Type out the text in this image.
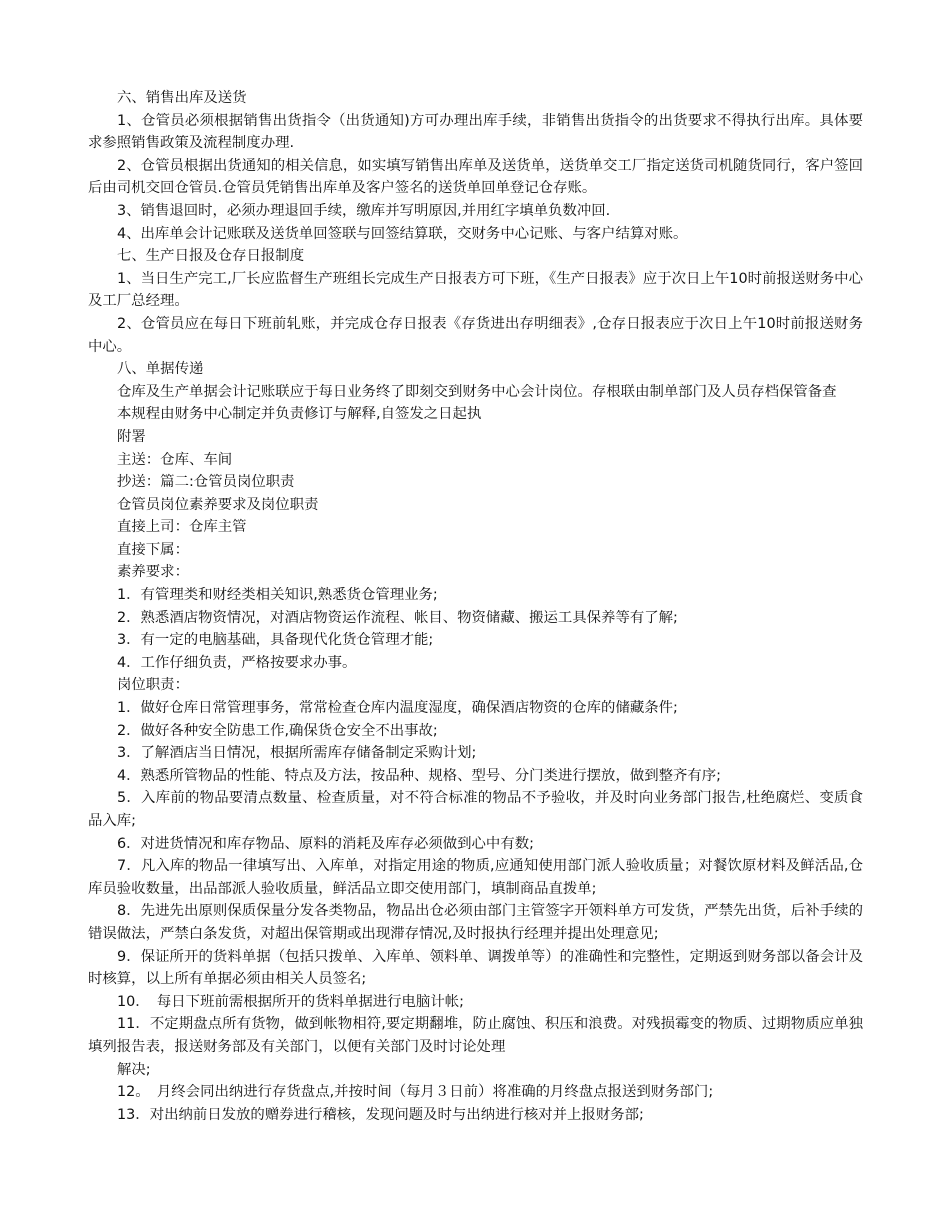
六、销售出库及送货

1、仓管员必须根据销售出货指令（出货通知)方可办理出库手续，非销售出货指令的出货要求不得执行出库。具体要求参照销售政策及流程制度办理.

2、仓管员根据出货通知的相关信息，如实填写销售出库单及送货单，送货单交工厂指定送货司机随货同行，客户签回后由司机交回仓管员.仓管员凭销售出库单及客户签名的送货单回单登记仓存账。

3、销售退回时，必须办理退回手续，缴库并写明原因,并用红字填单负数冲回.

4、出库单会计记账联及送货单回签联与回签结算联，交财务中心记账、与客户结算对账。

七、生产日报及仓存日报制度

1、当日生产完工,厂长应监督生产班组长完成生产日报表方可下班，《生产日报表》应于次日上午10时前报送财务中心及工厂总经理。

2、仓管员应在每日下班前轧账，并完成仓存日报表《存货进出存明细表》,仓存日报表应于次日上午10时前报送财务中心。

八、单据传递

仓库及生产单据会计记账联应于每日业务终了即刻交到财务中心会计岗位。存根联由制单部门及人员存档保管备查

本规程由财务中心制定并负责修订与解释,自签发之日起执

附署

主送：仓库、车间

抄送：篇二:仓管员岗位职责

仓管员岗位素养要求及岗位职责

直接上司：仓库主管

直接下属：

素养要求：

1．有管理类和财经类相关知识,熟悉货仓管理业务;

2．熟悉酒店物资情况，对酒店物资运作流程、帐目、物资储藏、搬运工具保养等有了解;

3．有一定的电脑基础，具备现代化货仓管理才能;

4．工作仔细负责，严格按要求办事。

岗位职责：

1．做好仓库日常管理事务，常常检查仓库内温度湿度，确保酒店物资的仓库的储藏条件;

2．做好各种安全防患工作,确保货仓安全不出事故;

3．了解酒店当日情况，根据所需库存储备制定采购计划;

4．熟悉所管物品的性能、特点及方法，按品种、规格、型号、分门类进行摆放，做到整齐有序;

5．入库前的物品要清点数量、检查质量，对不符合标准的物品不予验收，并及时向业务部门报告,杜绝腐烂、变质食品入库;

6．对进货情况和库存物品、原料的消耗及库存必须做到心中有数;

7．凡入库的物品一律填写出、入库单，对指定用途的物质,应通知使用部门派人验收质量；对餐饮原材料及鲜活品,仓库员验收数量，出品部派人验收质量，鲜活品立即交使用部门，填制商品直拨单;

8．先进先出原则保质保量分发各类物品，物品出仓必须由部门主管签字开领料单方可发货，严禁先出货，后补手续的错误做法，严禁白条发货，对超出保管期或出现滞存情况,及时报执行经理并提出处理意见;

9．保证所开的货料单据（包括只拨单、入库单、领料单、调拨单等）的准确性和完整性，定期返到财务部以备会计及时核算，以上所有单据必须由相关人员签名;

10．　每日下班前需根据所开的货料单据进行电脑计帐;

11．不定期盘点所有货物，做到帐物相符,要定期翻堆，防止腐蚀、积压和浪费。对残损霉变的物质、过期物质应单独填列报告表，报送财务部及有关部门，以便有关部门及时讨论处理

解决;

12。　月终会同出纳进行存货盘点,并按时间（每月３日前）将准确的月终盘点报送到财务部门;

13．对出纳前日发放的赠券进行稽核，发现问题及时与出纳进行核对并上报财务部;
